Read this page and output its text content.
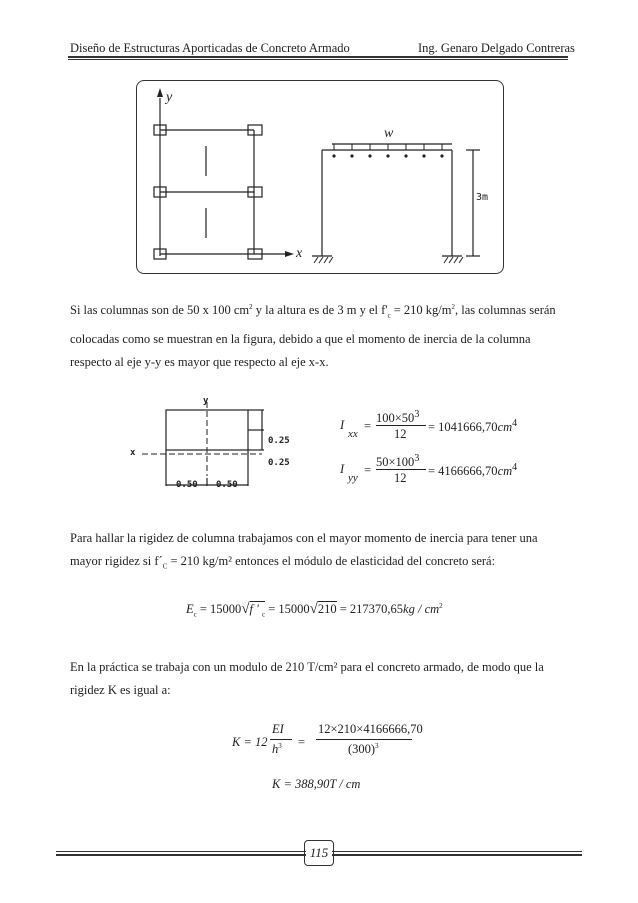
Diseño de Estructuras Aporticadas de Concreto Armado	Ing. Genaro Delgado Contreras
y
x
w
3m
Si las columnas son de 50 x 100 $cm^2$ y la altura es de 3 m y el $f'_c = 210$ $kg/m^2$, las columnas serán
colocadas como se muestran en la figura, debido a que el momento de inercia de la columna
respecto al eje y-y es mayor que respecto al eje x-x.
y
x
0.25
0.25
0.50 0.50
I
xx
=
$100\times 50^3$
$12 = 1041666,70cm^4$
I
yy
=
$50\times 100^3$
$12 = 4166666,70cm^4$
Para hallar la rigidez de columna trabajamos con el mayor momento de inercia para tener una
mayor rigidez si $f´_C = 210$ kg/m² entonces el módulo de elasticidad del concreto será:
$E_c = 15000√f$ ' $_c = 15000√210 = 217370,65kg / cm^2$
En la práctica se trabaja con un modulo de 210 T/cm² para el concreto armado, de modo que la
rigidez K es igual a:
K = 12
EI
$h^3$ =
12×210×4166666,70
$(300)^3$
K = 388,90T / cm
115
